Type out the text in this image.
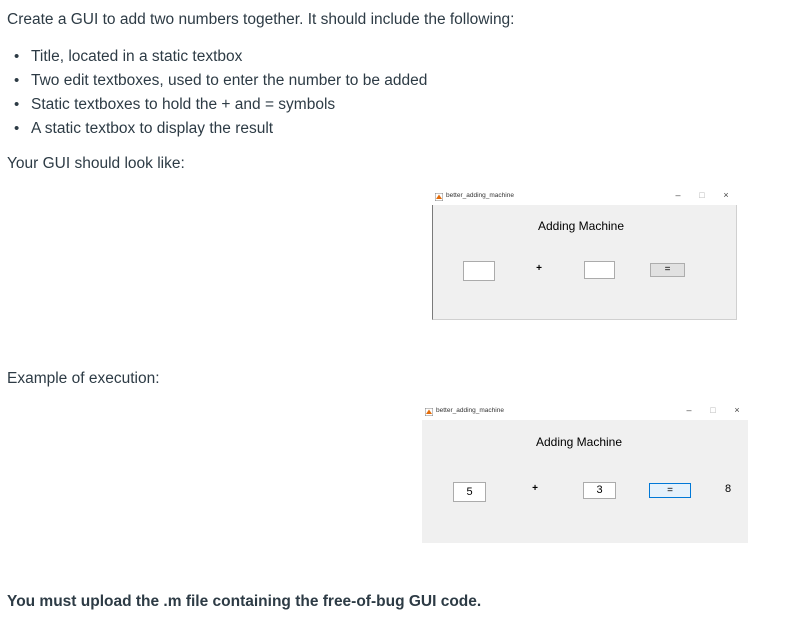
Create a GUI to add two numbers together. It should include the following:

• Title, located in a static textbox
• Two edit textboxes, used to enter the number to be added
• Static textboxes to hold the + and = symbols
• A static textbox to display the result

Your GUI should look like:

better_adding_machine	– □ ×
Adding Machine
+	=

Example of execution:

better_adding_machine	– □ ×
Adding Machine
5	+	3	=	8

You must upload the .m file containing the free-of-bug GUI code.
